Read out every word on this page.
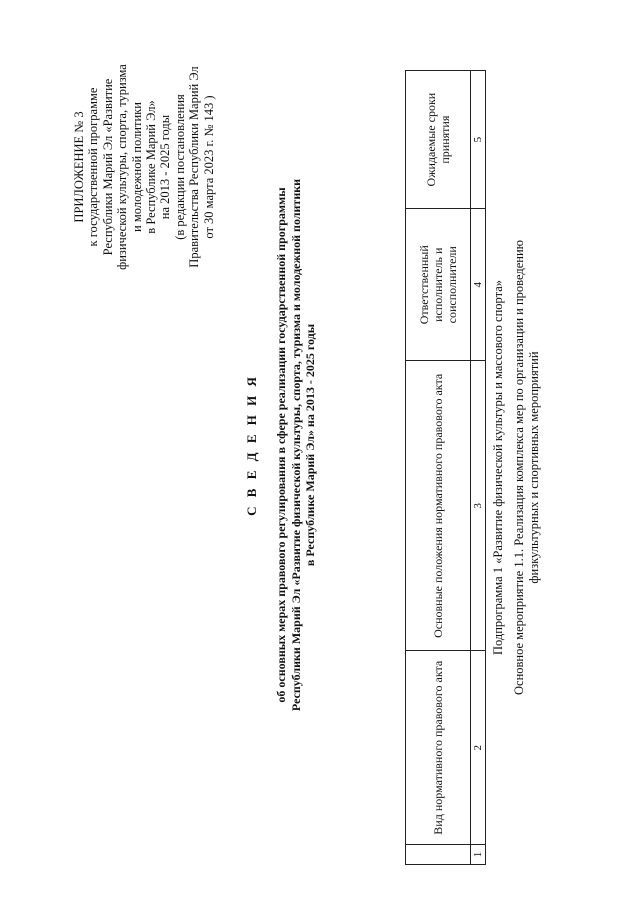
ПРИЛОЖЕНИЕ № 3 к государственной программе Республики Марий Эл «Развитие физической культуры, спорта, туризма и молодежной политики в Республике Марий Эл» на 2013 - 2025 годы (в редакции постановления Правительства Республики Марий Эл от 30 марта 2023 г. № 143 )
С В Е Д Е Н И Я об основных мерах правового регулирования в сфере реализации государственной программы Республики Марий Эл «Развитие физической культуры, спорта, туризма и молодежной политики в Республике Марий Эл» на 2013 - 2025 годы
	Вид нормативного правового акта	Основные положения нормативного правового акта	Ответственный исполнитель и соисполнители	Ожидаемые сроки принятия
1	2	3	4	5
Подпрограмма 1 «Развитие физической культуры и массового спорта» Основное мероприятие 1.1. Реализация комплекса мер по организации и проведению физкультурных и спортивных мероприятий
